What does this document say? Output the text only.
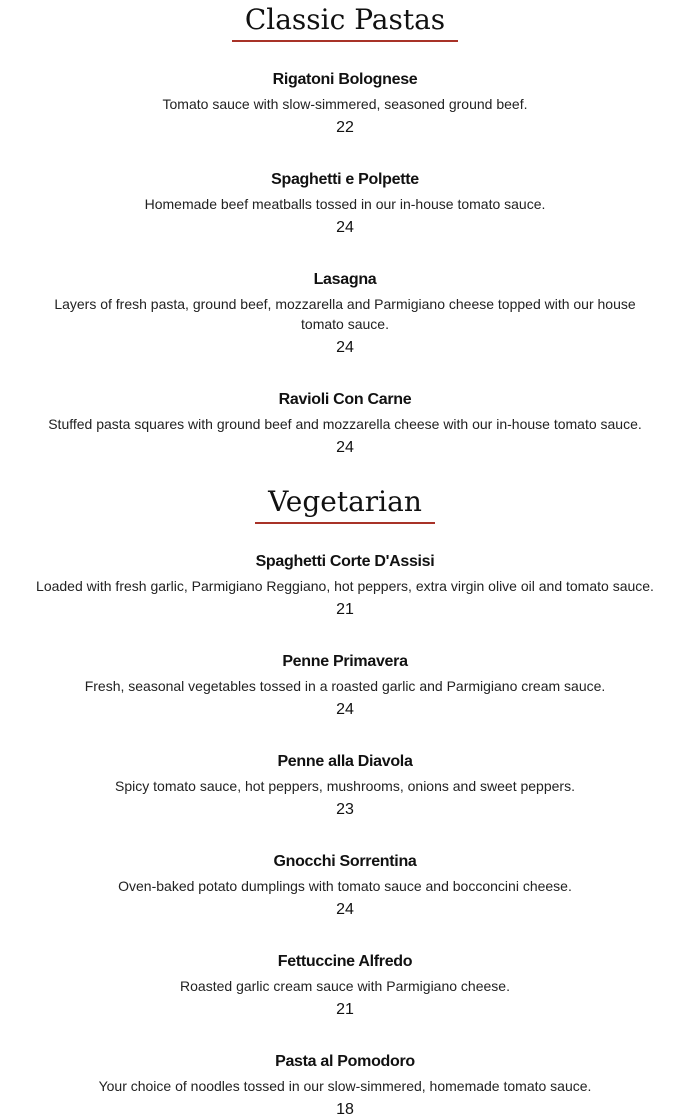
Classic Pastas
Rigatoni Bolognese
Tomato sauce with slow-simmered, seasoned ground beef.
22
Spaghetti e Polpette
Homemade beef meatballs tossed in our in-house tomato sauce.
24
Lasagna
Layers of fresh pasta, ground beef, mozzarella and Parmigiano cheese topped with our house tomato sauce.
24
Ravioli Con Carne
Stuffed pasta squares with ground beef and mozzarella cheese with our in-house tomato sauce.
24
Vegetarian
Spaghetti Corte D'Assisi
Loaded with fresh garlic, Parmigiano Reggiano, hot peppers, extra virgin olive oil and tomato sauce.
21
Penne Primavera
Fresh, seasonal vegetables tossed in a roasted garlic and Parmigiano cream sauce.
24
Penne alla Diavola
Spicy tomato sauce, hot peppers, mushrooms, onions and sweet peppers.
23
Gnocchi Sorrentina
Oven-baked potato dumplings with tomato sauce and bocconcini cheese.
24
Fettuccine Alfredo
Roasted garlic cream sauce with Parmigiano cheese.
21
Pasta al Pomodoro
Your choice of noodles tossed in our slow-simmered, homemade tomato sauce.
18
